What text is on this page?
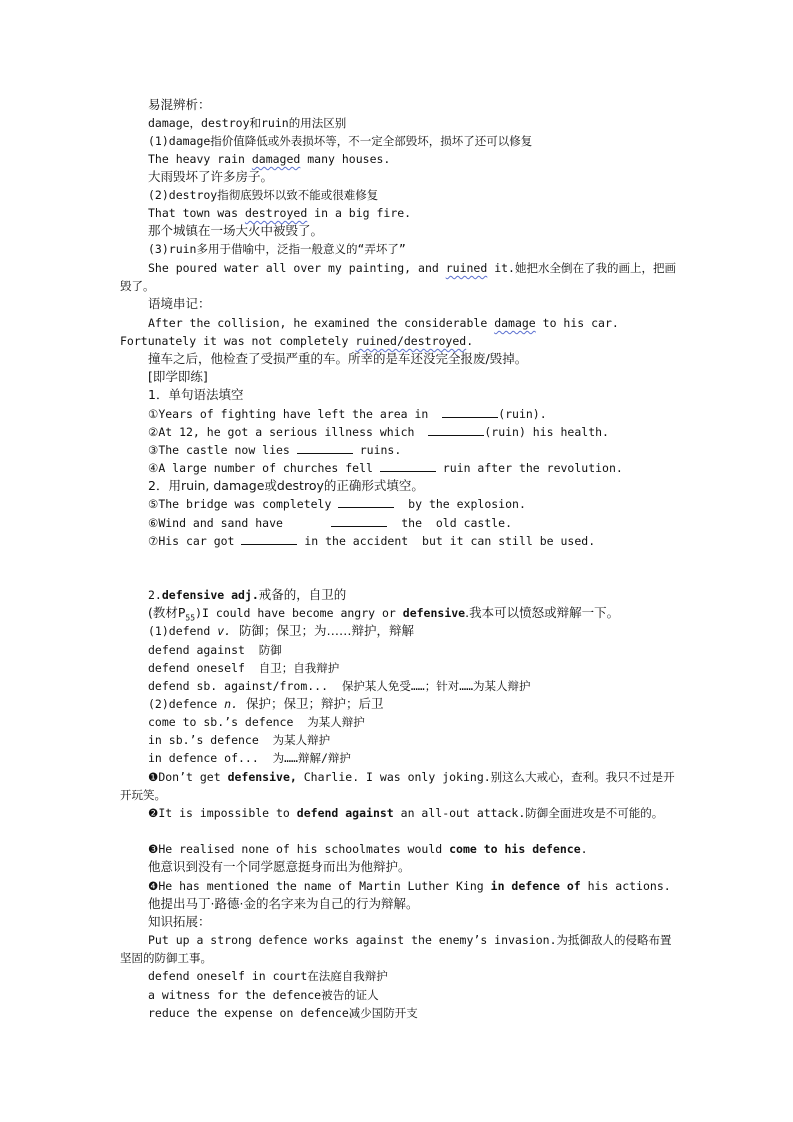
易混辨析：
damage，destroy和ruin的用法区别
(1)damage指价值降低或外表损坏等，不一定全部毁坏，损坏了还可以修复
The heavy rain damaged many houses.
大雨毁坏了许多房子。
(2)destroy指彻底毁坏以致不能或很难修复
That town was destroyed in a big fire.
那个城镇在一场大火中被毁了。
(3)ruin多用于借喻中，泛指一般意义的“弄坏了”
She poured water all over my painting, and ruined it.她把水全倒在了我的画上，把画毁了。
语境串记：
After the collision, he examined the considerable damage to his car. Fortunately it was not completely ruined/destroyed.
撞车之后，他检查了受损严重的车。所幸的是车还没完全报废/毁掉。
[即学即练]
1．单句语法填空
①Years of fighting have left the area in	(ruin).
②At 12, he got a serious illness which	(ruin) his health.
③The castle now lies	ruins.
④A large number of churches fell	ruin after the revolution.
2．用ruin, damage或destroy的正确形式填空。
⑤The bridge was completely	by the explosion.
⑥Wind and sand have	the  old castle.
⑦His car got	in the accident  but it can still be used.
2.defensive adj.戒备的，自卫的
(教材$P_{55})I$ could have become angry or defensive.我本可以愤怒或辩解一下。
(1)defend v.  防御；保卫；为……辩护，辩解
defend against  防御
defend oneself  自卫；自我辩护
defend sb. against/from...  保护某人免受……；针对……为某人辩护
(2)defence n.  保护；保卫；辩护；后卫
come to sb.’s defence  为某人辩护
in sb.’s defence  为某人辩护
in defence of...  为……辩解/辩护
❶Don’t get defensive, Charlie. I was only joking.别这么大戒心，查利。我只不过是开开玩笑。
❷It is impossible to defend against an all-out attack.防御全面进攻是不可能的。
❸He realised none of his schoolmates would come to his defence.
他意识到没有一个同学愿意挺身而出为他辩护。
❹He has mentioned the name of Martin Luther King in defence of his actions.
他提出马丁·路德·金的名字来为自己的行为辩解。
知识拓展：
Put up a strong defence works against the enemy’s invasion.为抵御敌人的侵略布置坚固的防御工事。
defend oneself in court在法庭自我辩护
a witness for the defence被告的证人
reduce the expense on defence减少国防开支
